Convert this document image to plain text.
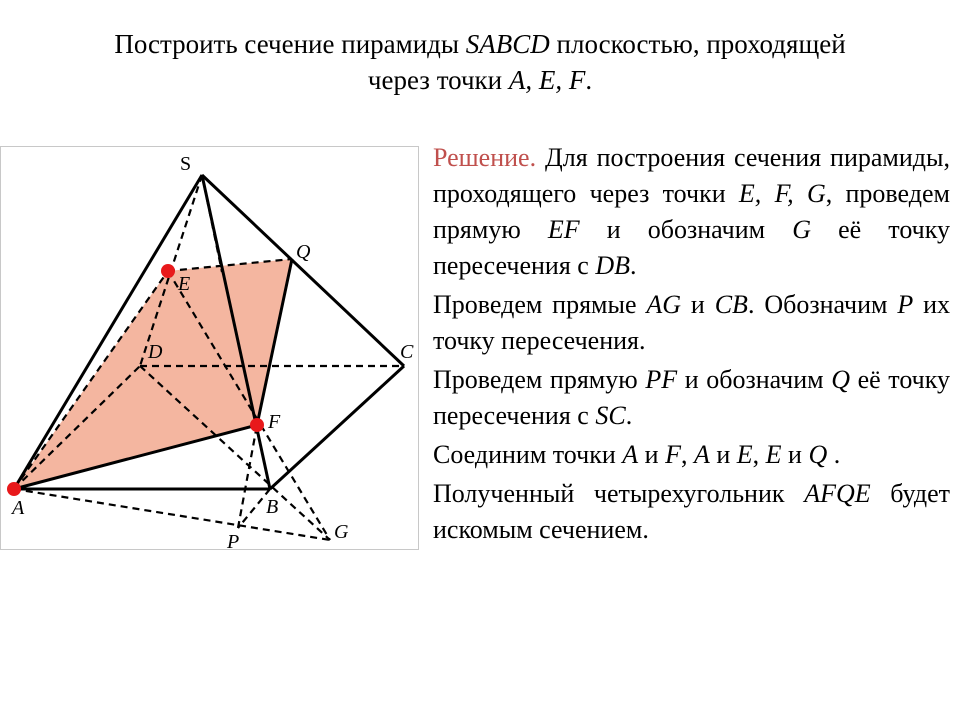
Построить сечение пирамиды SABCD плоскостью, проходящей
через точки A, E, F.
S
Q
E
D	C
F
A	B
P	G

Решение. Для построения сечения пирамиды, проходящего через точки E, F, G, проведем прямую EF и обозначим G её точку пересечения с DB.

Проведем прямые AG и CB. Обозначим P их точку пересечения.

Проведем прямую PF и обозначим Q её точку пересечения с SC.

Соединим точки A и F, A и E, E и Q .

Полученный четырехугольник AFQE будет искомым сечением.
